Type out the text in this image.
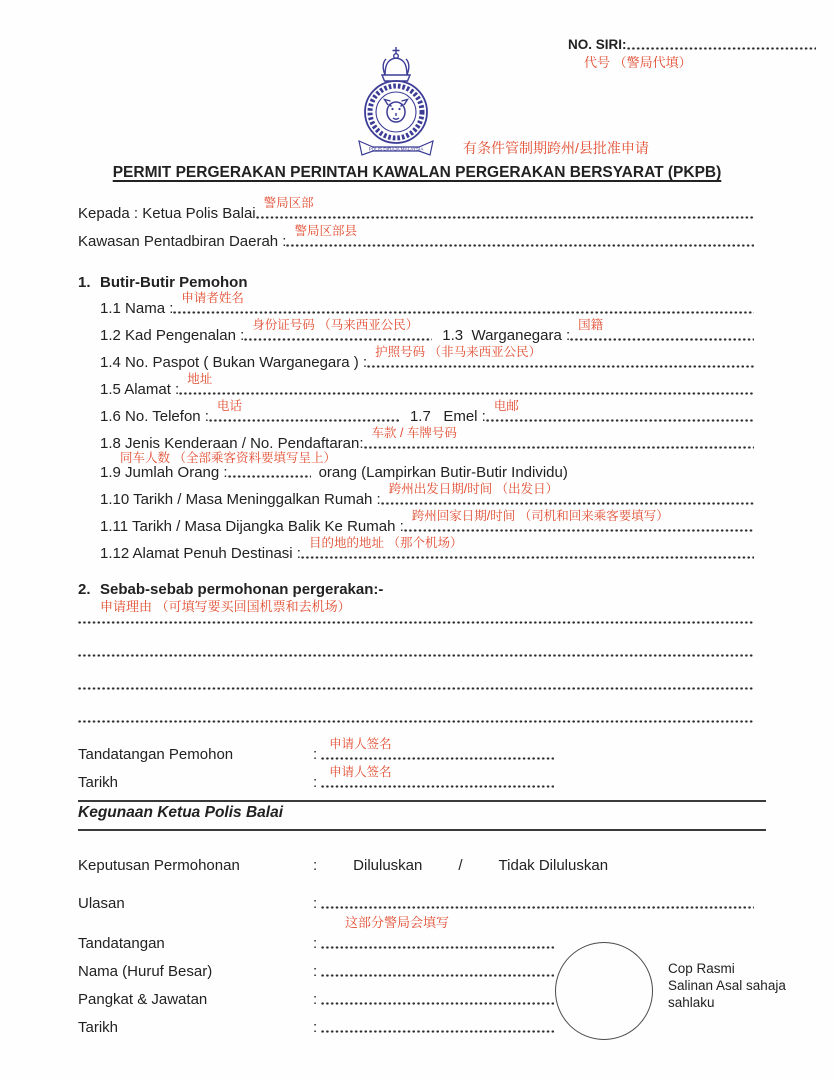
NO. SIRI:
代号 （警局代填）
POLIS DIRAJA MALAYSIA	有条件管制期跨州/县批准申请
PERMIT PERGERAKAN PERINTAH KAWALAN PERGERAKAN BERSYARAT (PKPB)
Kepada : Ketua Polis Balai
警局区部
Kawasan Pentadbiran Daerah :
警局区部县
1. Butir-Butir Pemohon
1.1 Nama :
申请者姓名
1.2 Kad Pengenalan :
身份证号码 （马来西亚公民）
1.3  Warganegara :
国籍
1.4 No. Paspot ( Bukan Warganegara ) :
护照号码 （非马来西亚公民）
1.5 Alamat :
地址
1.6 No. Telefon :
电话
1.7   Emel :
电邮
1.8 Jenis Kenderaan / No. Pendaftaran:
车款 / 车牌号码
同车人数 （全部乘客资料要填写呈上）
1.9 Jumlah Orang :	orang (Lampirkan Butir-Butir Individu)
1.10 Tarikh / Masa Meninggalkan Rumah :
跨州出发日期/时间 （出发日）
1.11 Tarikh / Masa Dijangka Balik Ke Rumah :
跨州回家日期/时间 （司机和回来乘客要填写）
1.12 Alamat Penuh Destinasi :
目的地的地址 （那个机场）
2. Sebab-sebab permohonan pergerakan:-
申请理由 （可填写要买回国机票和去机场）
Tandatangan Pemohon	:
申请人签名
Tarikh	:
申请人签名
Kegunaan Ketua Polis Balai
Keputusan Permohonan	: Diluluskan / Tidak Diluluskan
Ulasan	:
这部分警局会填写
Tandatangan	:
Nama (Huruf Besar)	:
Pangkat & Jawatan	:
Tarikh	:
Cop Rasmi
Salinan Asal sahaja
sahlaku
